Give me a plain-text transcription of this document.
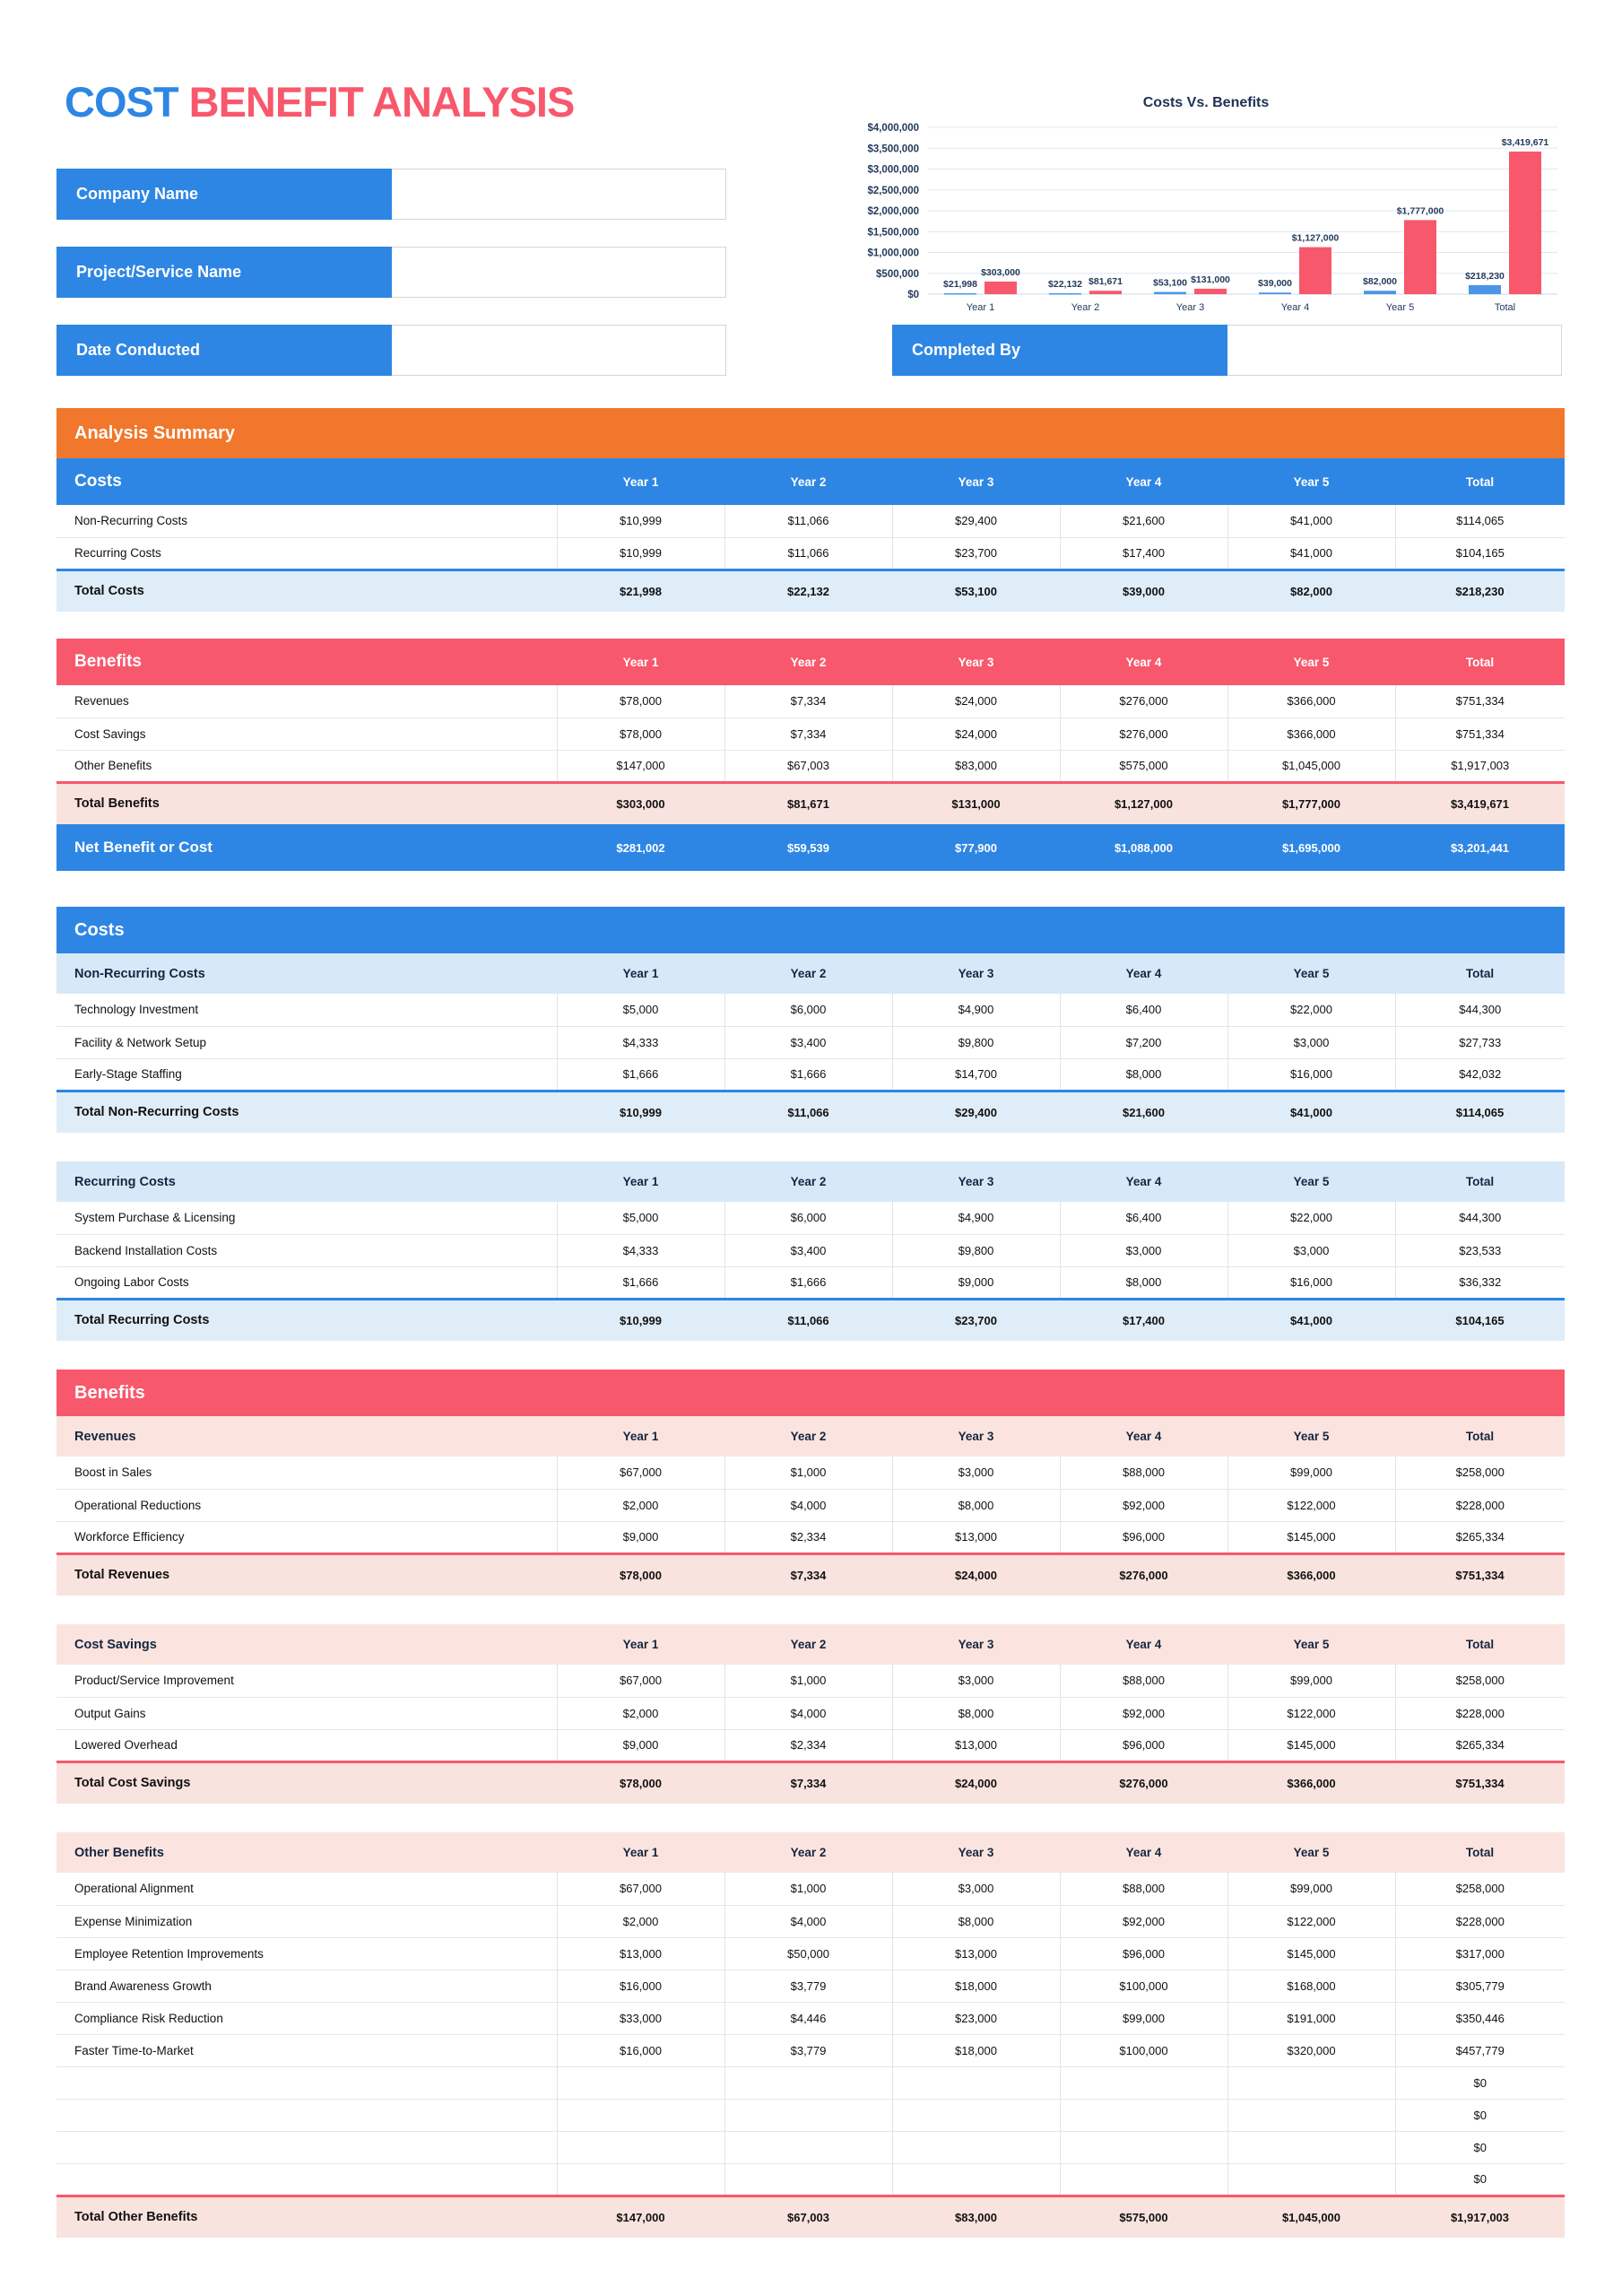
COST BENEFIT ANALYSIS
Company Name
Project/Service Name
Date Conducted	Completed By
Costs Vs. Benefits
$0
$500,000
$1,000,000
$1,500,000
$2,000,000
$2,500,000
$3,000,000
$3,500,000
$4,000,000
$21,998
$303,000
Year 1
$22,132 $81,671
Year 2
$53,100 $131,000
Year 3
$39,000
$1,127,000
Year 4
$82,000
$1,777,000
Year 5
$218,230
$3,419,671
Total
Analysis Summary
Costs	Year 1	Year 2	Year 3	Year 4	Year 5	Total
Non-Recurring Costs	$10,999	$11,066	$29,400	$21,600	$41,000	$114,065
Recurring Costs	$10,999	$11,066	$23,700	$17,400	$41,000	$104,165
Total Costs	$21,998	$22,132	$53,100	$39,000	$82,000	$218,230
Benefits	Year 1	Year 2	Year 3	Year 4	Year 5	Total
Revenues	$78,000	$7,334	$24,000	$276,000	$366,000	$751,334
Cost Savings	$78,000	$7,334	$24,000	$276,000	$366,000	$751,334
Other Benefits	$147,000	$67,003	$83,000	$575,000	$1,045,000	$1,917,003
Total Benefits	$303,000	$81,671	$131,000	$1,127,000	$1,777,000	$3,419,671
Net Benefit or Cost	$281,002	$59,539	$77,900	$1,088,000	$1,695,000	$3,201,441
Costs
Non-Recurring Costs	Year 1	Year 2	Year 3	Year 4	Year 5	Total
Technology Investment	$5,000	$6,000	$4,900	$6,400	$22,000	$44,300
Facility & Network Setup	$4,333	$3,400	$9,800	$7,200	$3,000	$27,733
Early-Stage Staffing	$1,666	$1,666	$14,700	$8,000	$16,000	$42,032
Total Non-Recurring Costs	$10,999	$11,066	$29,400	$21,600	$41,000	$114,065
Recurring Costs	Year 1	Year 2	Year 3	Year 4	Year 5	Total
System Purchase & Licensing	$5,000	$6,000	$4,900	$6,400	$22,000	$44,300
Backend Installation Costs	$4,333	$3,400	$9,800	$3,000	$3,000	$23,533
Ongoing Labor Costs	$1,666	$1,666	$9,000	$8,000	$16,000	$36,332
Total Recurring Costs	$10,999	$11,066	$23,700	$17,400	$41,000	$104,165
Benefits
Revenues	Year 1	Year 2	Year 3	Year 4	Year 5	Total
Boost in Sales	$67,000	$1,000	$3,000	$88,000	$99,000	$258,000
Operational Reductions	$2,000	$4,000	$8,000	$92,000	$122,000	$228,000
Workforce Efficiency	$9,000	$2,334	$13,000	$96,000	$145,000	$265,334
Total Revenues	$78,000	$7,334	$24,000	$276,000	$366,000	$751,334
Cost Savings	Year 1	Year 2	Year 3	Year 4	Year 5	Total
Product/Service Improvement	$67,000	$1,000	$3,000	$88,000	$99,000	$258,000
Output Gains	$2,000	$4,000	$8,000	$92,000	$122,000	$228,000
Lowered Overhead	$9,000	$2,334	$13,000	$96,000	$145,000	$265,334
Total Cost Savings	$78,000	$7,334	$24,000	$276,000	$366,000	$751,334
Other Benefits	Year 1	Year 2	Year 3	Year 4	Year 5	Total
Operational Alignment	$67,000	$1,000	$3,000	$88,000	$99,000	$258,000
Expense Minimization	$2,000	$4,000	$8,000	$92,000	$122,000	$228,000
Employee Retention Improvements	$13,000	$50,000	$13,000	$96,000	$145,000	$317,000
Brand Awareness Growth	$16,000	$3,779	$18,000	$100,000	$168,000	$305,779
Compliance Risk Reduction	$33,000	$4,446	$23,000	$99,000	$191,000	$350,446
Faster Time-to-Market	$16,000	$3,779	$18,000	$100,000	$320,000	$457,779
						$0
						$0
						$0
						$0
Total Other Benefits	$147,000	$67,003	$83,000	$575,000	$1,045,000	$1,917,003
